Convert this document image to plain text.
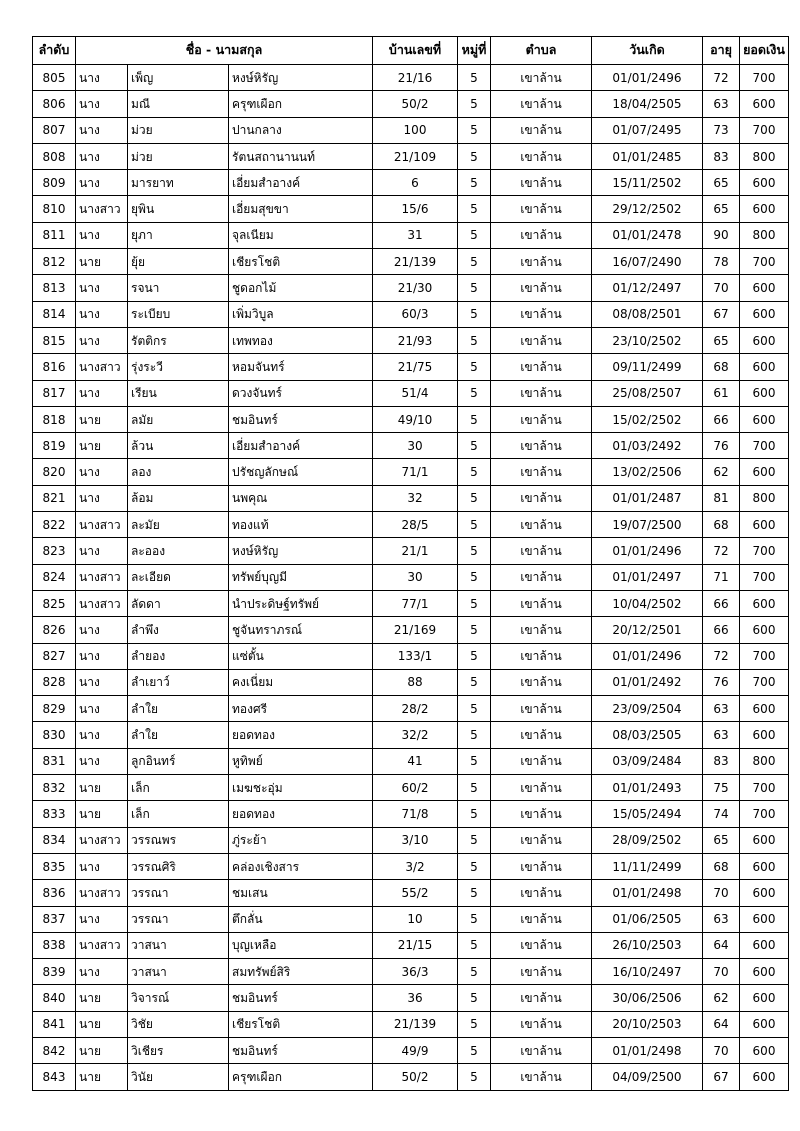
ลำดับ	ชื่อ - นามสกุล			บ้านเลขที่	หมู่ที่	ตำบล	วันเกิด	อายุ	ยอดเงิน
805	นาง	เพ็ญ	หงษ์หิรัญ	21/16	5	เขาล้าน	01/01/2496	72	700
806	นาง	มณี	ครุฑเผือก	50/2	5	เขาล้าน	18/04/2505	63	600
807	นาง	ม่วย	ปานกลาง	100	5	เขาล้าน	01/07/2495	73	700
808	นาง	ม่วย	รัตนสถานานนท์	21/109	5	เขาล้าน	01/01/2485	83	800
809	นาง	มารยาท	เอี่ยมสำอางค์	6	5	เขาล้าน	15/11/2502	65	600
810	นางสาว	ยุพิน	เอี่ยมสุขขา	15/6	5	เขาล้าน	29/12/2502	65	600
811	นาง	ยุภา	จุลเนียม	31	5	เขาล้าน	01/01/2478	90	800
812	นาย	ยุ้ย	เชียรโชติ	21/139	5	เขาล้าน	16/07/2490	78	700
813	นาง	รจนา	ชูดอกไม้	21/30	5	เขาล้าน	01/12/2497	70	600
814	นาง	ระเบียบ	เพิ่มวิบูล	60/3	5	เขาล้าน	08/08/2501	67	600
815	นาง	รัตติกร	เทพทอง	21/93	5	เขาล้าน	23/10/2502	65	600
816	นางสาว	รุ่งระวี	หอมจันทร์	21/75	5	เขาล้าน	09/11/2499	68	600
817	นาง	เรียน	ดวงจันทร์	51/4	5	เขาล้าน	25/08/2507	61	600
818	นาย	ลมัย	ชมอินทร์	49/10	5	เขาล้าน	15/02/2502	66	600
819	นาย	ล้วน	เอี่ยมสำอางค์	30	5	เขาล้าน	01/03/2492	76	700
820	นาง	ลอง	ปรัชญลักษณ์	71/1	5	เขาล้าน	13/02/2506	62	600
821	นาง	ล้อม	นพคุณ	32	5	เขาล้าน	01/01/2487	81	800
822	นางสาว	ละมัย	ทองแท้	28/5	5	เขาล้าน	19/07/2500	68	600
823	นาง	ละออง	หงษ์หิรัญ	21/1	5	เขาล้าน	01/01/2496	72	700
824	นางสาว	ละเอียด	ทรัพย์บุญมี	30	5	เขาล้าน	01/01/2497	71	700
825	นางสาว	ลัดดา	นำประดิษฐ์ทรัพย์	77/1	5	เขาล้าน	10/04/2502	66	600
826	นาง	ลำพึง	ชูจันทราภรณ์	21/169	5	เขาล้าน	20/12/2501	66	600
827	นาง	ลำยอง	แซ่ตั้น	133/1	5	เขาล้าน	01/01/2496	72	700
828	นาง	ลำเยาว์	คงเนี่ยม	88	5	เขาล้าน	01/01/2492	76	700
829	นาง	ลำใย	ทองศรี	28/2	5	เขาล้าน	23/09/2504	63	600
830	นาง	ลำใย	ยอดทอง	32/2	5	เขาล้าน	08/03/2505	63	600
831	นาง	ลูกอินทร์	หูทิพย์	41	5	เขาล้าน	03/09/2484	83	800
832	นาย	เล็ก	เมฆชะอุ่ม	60/2	5	เขาล้าน	01/01/2493	75	700
833	นาย	เล็ก	ยอดทอง	71/8	5	เขาล้าน	15/05/2494	74	700
834	นางสาว	วรรณพร	ภู่ระย้า	3/10	5	เขาล้าน	28/09/2502	65	600
835	นาง	วรรณศิริ	คล่องเชิงสาร	3/2	5	เขาล้าน	11/11/2499	68	600
836	นางสาว	วรรณา	ชมเสน	55/2	5	เขาล้าน	01/01/2498	70	600
837	นาง	วรรณา	ตึกลั่น	10	5	เขาล้าน	01/06/2505	63	600
838	นางสาว	วาสนา	บุญเหลือ	21/15	5	เขาล้าน	26/10/2503	64	600
839	นาง	วาสนา	สมทรัพย์สิริ	36/3	5	เขาล้าน	16/10/2497	70	600
840	นาย	วิจารณ์	ชมอินทร์	36	5	เขาล้าน	30/06/2506	62	600
841	นาย	วิชัย	เชียรโชติ	21/139	5	เขาล้าน	20/10/2503	64	600
842	นาย	วิเชียร	ชมอินทร์	49/9	5	เขาล้าน	01/01/2498	70	600
843	นาย	วินัย	ครุฑเผือก	50/2	5	เขาล้าน	04/09/2500	67	600
